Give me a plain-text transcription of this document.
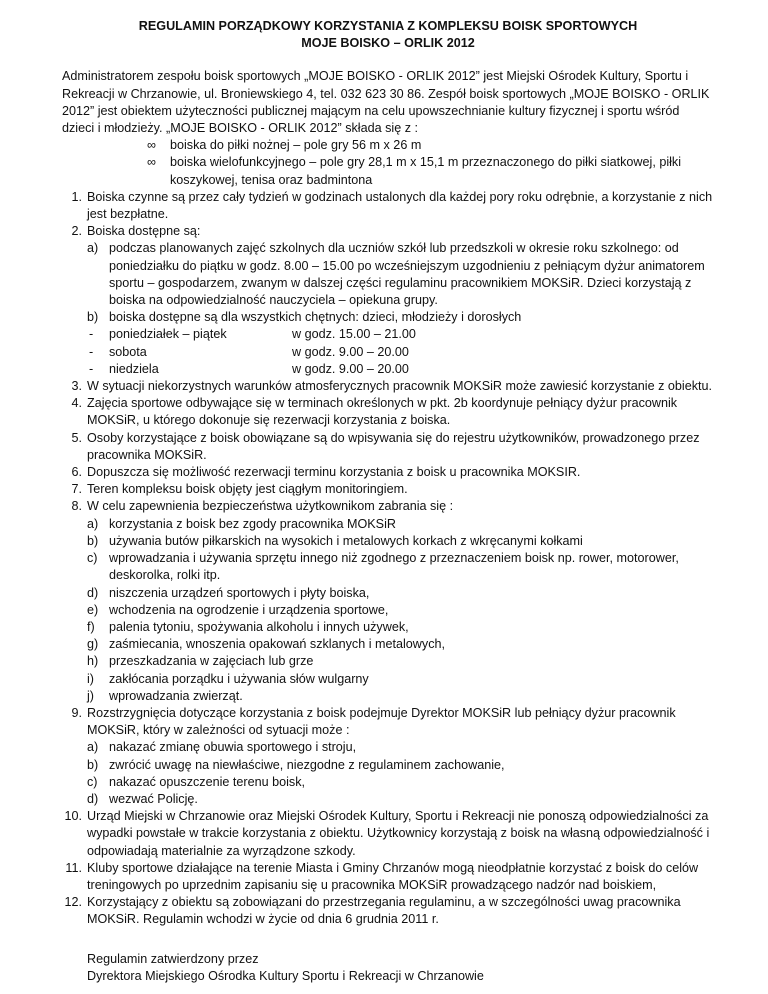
REGULAMIN PORZĄDKOWY KORZYSTANIA Z KOMPLEKSU BOISK SPORTOWYCH

MOJE BOISKO – ORLIK 2012

Administratorem zespołu boisk sportowych „MOJE BOISKO - ORLIK 2012” jest Miejski Ośrodek Kultury, Sportu i Rekreacji w Chrzanowie, ul. Broniewskiego 4, tel. 032 623 30 86. Zespół boisk sportowych „MOJE BOISKO - ORLIK 2012” jest obiektem użyteczności publicznej mającym na celu upowszechnianie kultury fizycznej i sportu wśród dzieci i młodzieży. „MOJE BOISKO - ORLIK 2012” składa się z :
∞ boiska do piłki nożnej – pole gry 56 m x 26 m
∞ boiska wielofunkcyjnego – pole gry 28,1 m x 15,1 m przeznaczonego do piłki siatkowej, piłki koszykowej, tenisa oraz badmintona
1. Boiska czynne są przez cały tydzień w godzinach ustalonych dla każdej pory roku odrębnie, a korzystanie z nich jest bezpłatne.
2. Boiska dostępne są:
a) podczas planowanych zajęć szkolnych dla uczniów szkół lub przedszkoli w okresie roku szkolnego: od poniedziałku do piątku w godz. 8.00 – 15.00 po wcześniejszym uzgodnieniu z pełniącym dyżur animatorem sportu – gospodarzem, zwanym w dalszej części regulaminu pracownikiem MOKSiR. Dzieci korzystają z boiska na odpowiedzialność nauczyciela – opiekuna grupy.
b) boiska dostępne są dla wszystkich chętnych: dzieci, młodzieży i dorosłych
- poniedziałek – piątek	w godz. 15.00 – 21.00
- sobota	w godz. 9.00 – 20.00
- niedziela	w godz. 9.00 – 20.00
3. W sytuacji niekorzystnych warunków atmosferycznych pracownik MOKSiR może zawiesić korzystanie z obiektu.
4. Zajęcia sportowe odbywające się w terminach określonych w pkt. 2b koordynuje pełniący dyżur pracownik MOKSiR, u którego dokonuje się rezerwacji korzystania z boiska.
5. Osoby korzystające z boisk obowiązane są do wpisywania się do rejestru użytkowników, prowadzonego przez pracownika MOKSiR.
6. Dopuszcza się możliwość rezerwacji terminu korzystania z boisk u pracownika MOKSIR.
7. Teren kompleksu boisk objęty jest ciągłym monitoringiem.
8. W celu zapewnienia bezpieczeństwa użytkownikom zabrania się :
a) korzystania z boisk bez zgody pracownika MOKSiR
b) używania butów piłkarskich na wysokich i metalowych korkach z wkręcanymi kołkami
c) wprowadzania i używania sprzętu innego niż zgodnego z przeznaczeniem boisk np. rower, motorower, deskorolka, rolki itp.
d) niszczenia urządzeń sportowych i płyty boiska,
e) wchodzenia na ogrodzenie i urządzenia sportowe,
f) palenia tytoniu, spożywania alkoholu i innych używek,
g) zaśmiecania, wnoszenia opakowań szklanych i metalowych,
h) przeszkadzania w zajęciach lub grze
i) zakłócania porządku i używania słów wulgarny
j) wprowadzania zwierząt.
9. Rozstrzygnięcia dotyczące korzystania z boisk podejmuje Dyrektor MOKSiR lub pełniący dyżur pracownik MOKSiR, który w zależności od sytuacji może :
a) nakazać zmianę obuwia sportowego i stroju,
b) zwrócić uwagę na niewłaściwe, niezgodne z regulaminem zachowanie,
c) nakazać opuszczenie terenu boisk,
d) wezwać Policję.
10. Urząd Miejski w Chrzanowie oraz Miejski Ośrodek Kultury, Sportu i Rekreacji nie ponoszą odpowiedzialności za wypadki powstałe w trakcie korzystania z obiektu. Użytkownicy korzystają z boisk na własną odpowiedzialność i odpowiadają materialnie za wyrządzone szkody.
11. Kluby sportowe działające na terenie Miasta i Gminy Chrzanów mogą nieodpłatnie korzystać z boisk do celów treningowych po uprzednim zapisaniu się u pracownika MOKSiR prowadzącego nadzór nad boiskiem,
12. Korzystający z obiektu są zobowiązani do przestrzegania regulaminu, a w szczególności uwag pracownika MOKSiR. Regulamin wchodzi w życie od dnia 6 grudnia 2011 r.
Regulamin zatwierdzony przez
Dyrektora Miejskiego Ośrodka Kultury Sportu i Rekreacji w Chrzanowie
